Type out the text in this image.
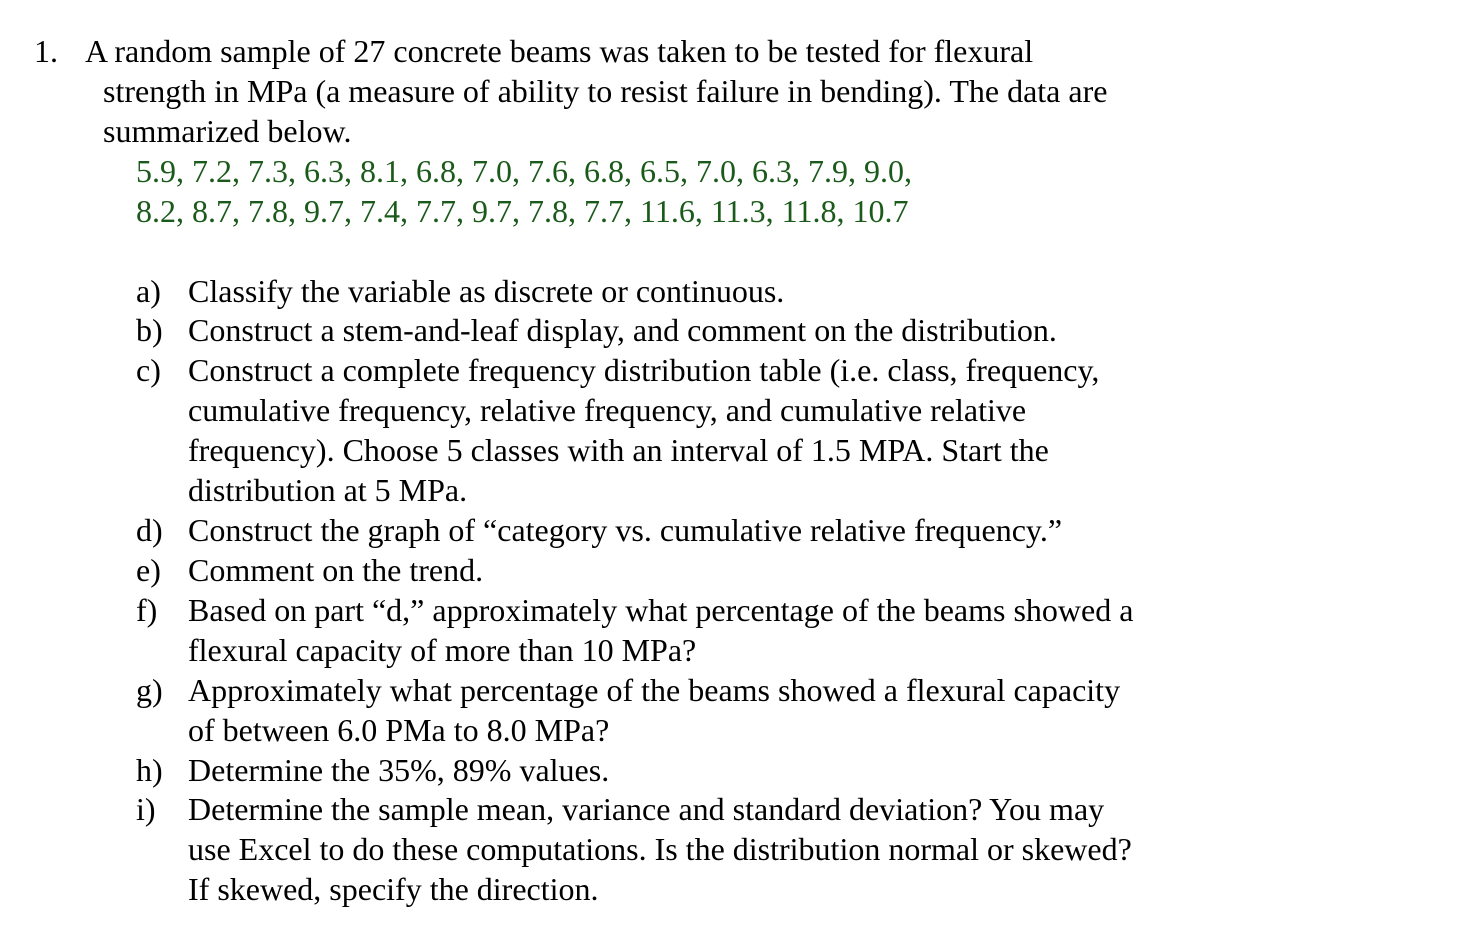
1. A random sample of 27 concrete beams was taken to be tested for flexural
strength in MPa (a measure of ability to resist failure in bending). The data are
summarized below.
5.9, 7.2, 7.3, 6.3, 8.1, 6.8, 7.0, 7.6, 6.8, 6.5, 7.0, 6.3, 7.9, 9.0,
8.2, 8.7, 7.8, 9.7, 7.4, 7.7, 9.7, 7.8, 7.7, 11.6, 11.3, 11.8, 10.7
a) Classify the variable as discrete or continuous.
b) Construct a stem-and-leaf display, and comment on the distribution.
c) Construct a complete frequency distribution table (i.e. class, frequency,
cumulative frequency, relative frequency, and cumulative relative
frequency). Choose 5 classes with an interval of 1.5 MPA. Start the
distribution at 5 MPa.
d) Construct the graph of “category vs. cumulative relative frequency.”
e) Comment on the trend.
f) Based on part “d,” approximately what percentage of the beams showed a
flexural capacity of more than 10 MPa?
g) Approximately what percentage of the beams showed a flexural capacity
of between 6.0 PMa to 8.0 MPa?
h) Determine the 35%, 89% values.
i) Determine the sample mean, variance and standard deviation? You may
use Excel to do these computations. Is the distribution normal or skewed?
If skewed, specify the direction.
